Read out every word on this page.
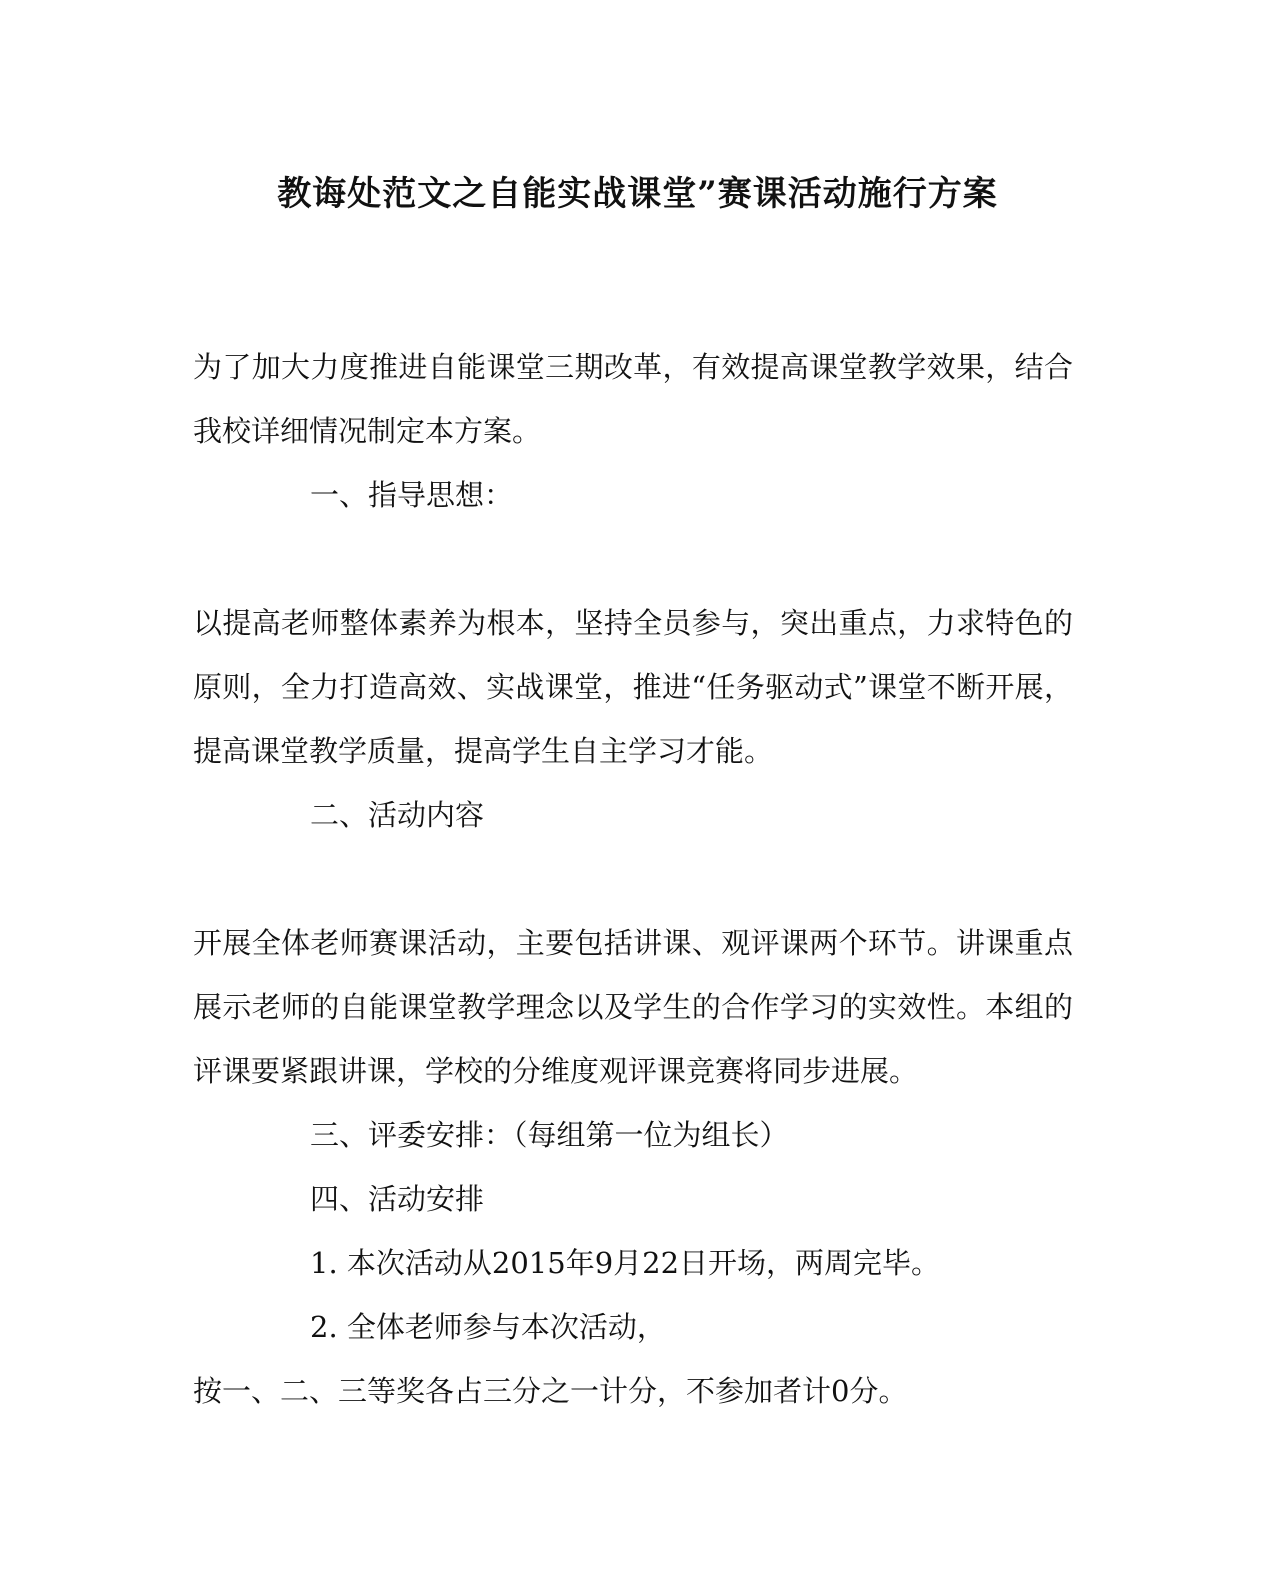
教诲处范文之自能实战课堂”赛课活动施行方案

为了加大力度推进自能课堂三期改革，有效提高课堂教学效果，结合我校详细情况制定本方案。

一、指导思想：

以提高老师整体素养为根本，坚持全员参与，突出重点，力求特色的原则，全力打造高效、实战课堂，推进“任务驱动式”课堂不断开展，提高课堂教学质量，提高学生自主学习才能。

二、活动内容

开展全体老师赛课活动，主要包括讲课、观评课两个环节。讲课重点展示老师的自能课堂教学理念以及学生的合作学习的实效性。本组的评课要紧跟讲课，学校的分维度观评课竞赛将同步进展。

三、评委安排：（每组第一位为组长）

四、活动安排

1. 本次活动从2015年9月22日开场，两周完毕。

2. 全体老师参与本次活动，

按一、二、三等奖各占三分之一计分，不参加者计0分。
